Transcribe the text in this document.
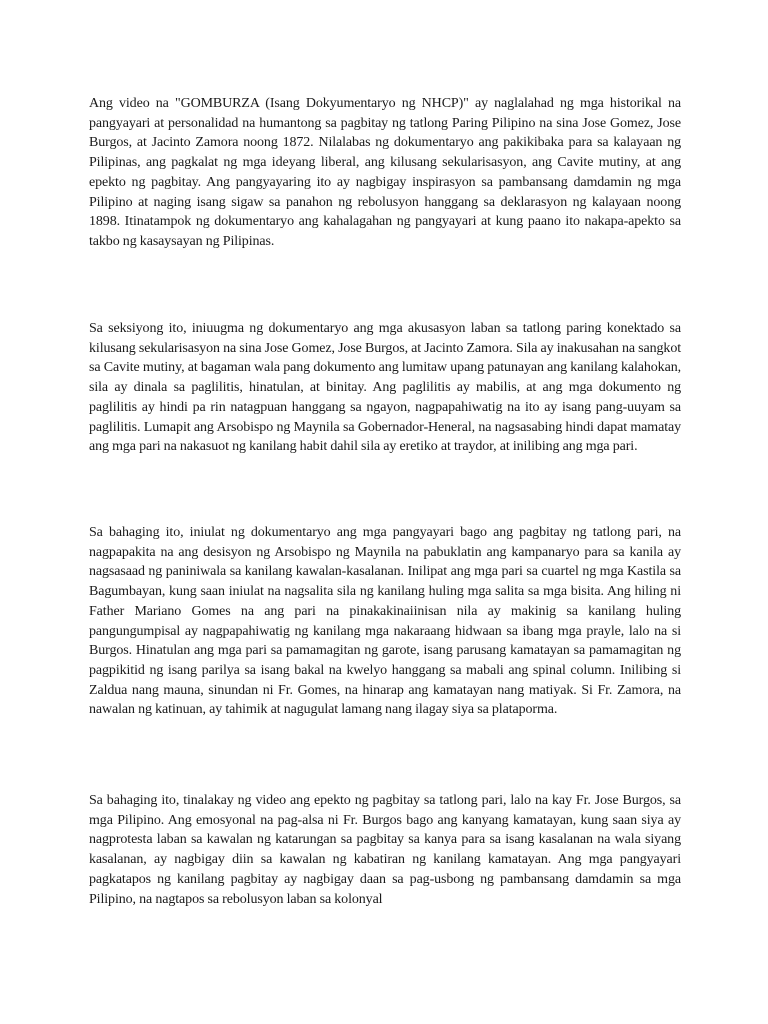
Ang video na "GOMBURZA (Isang Dokyumentaryo ng NHCP)" ay naglalahad ng mga historikal na pangyayari at personalidad na humantong sa pagbitay ng tatlong Paring Pilipino na sina Jose Gomez, Jose Burgos, at Jacinto Zamora noong 1872. Nilalabas ng dokumentaryo ang pakikibaka para sa kalayaan ng Pilipinas, ang pagkalat ng mga ideyang liberal, ang kilusang sekularisasyon, ang Cavite mutiny, at ang epekto ng pagbitay. Ang pangyayaring ito ay nagbigay inspirasyon sa pambansang damdamin ng mga Pilipino at naging isang sigaw sa panahon ng rebolusyon hanggang sa deklarasyon ng kalayaan noong 1898. Itinatampok ng dokumentaryo ang kahalagahan ng pangyayari at kung paano ito nakapa-apekto sa takbo ng kasaysayan ng Pilipinas.

Sa seksiyong ito, iniuugma ng dokumentaryo ang mga akusasyon laban sa tatlong paring konektado sa kilusang sekularisasyon na sina Jose Gomez, Jose Burgos, at Jacinto Zamora. Sila ay inakusahan na sangkot sa Cavite mutiny, at bagaman wala pang dokumento ang lumitaw upang patunayan ang kanilang kalahokan, sila ay dinala sa paglilitis, hinatulan, at binitay. Ang paglilitis ay mabilis, at ang mga dokumento ng paglilitis ay hindi pa rin natagpuan hanggang sa ngayon, nagpapahiwatig na ito ay isang pang-uuyam sa paglilitis. Lumapit ang Arsobispo ng Maynila sa Gobernador-Heneral, na nagsasabing hindi dapat mamatay ang mga pari na nakasuot ng kanilang habit dahil sila ay eretiko at traydor, at inilibing ang mga pari.

Sa bahaging ito, iniulat ng dokumentaryo ang mga pangyayari bago ang pagbitay ng tatlong pari, na nagpapakita na ang desisyon ng Arsobispo ng Maynila na pabuklatin ang kampanaryo para sa kanila ay nagsasaad ng paniniwala sa kanilang kawalan-kasalanan. Inilipat ang mga pari sa cuartel ng mga Kastila sa Bagumbayan, kung saan iniulat na nagsalita sila ng kanilang huling mga salita sa mga bisita. Ang hiling ni Father Mariano Gomes na ang pari na pinakakinaiinisan nila ay makinig sa kanilang huling pangungumpisal ay nagpapahiwatig ng kanilang mga nakaraang hidwaan sa ibang mga prayle, lalo na si Burgos. Hinatulan ang mga pari sa pamamagitan ng garote, isang parusang kamatayan sa pamamagitan ng pagpikitid ng isang parilya sa isang bakal na kwelyo hanggang sa mabali ang spinal column. Inilibing si Zaldua nang mauna, sinundan ni Fr. Gomes, na hinarap ang kamatayan nang matiyak. Si Fr. Zamora, na nawalan ng katinuan, ay tahimik at nagugulat lamang nang ilagay siya sa plataporma.

Sa bahaging ito, tinalakay ng video ang epekto ng pagbitay sa tatlong pari, lalo na kay Fr. Jose Burgos, sa mga Pilipino. Ang emosyonal na pag-alsa ni Fr. Burgos bago ang kanyang kamatayan, kung saan siya ay nagprotesta laban sa kawalan ng katarungan sa pagbitay sa kanya para sa isang kasalanan na wala siyang kasalanan, ay nagbigay diin sa kawalan ng kabatiran ng kanilang kamatayan. Ang mga pangyayari pagkatapos ng kanilang pagbitay ay nagbigay daan sa pag-usbong ng pambansang damdamin sa mga Pilipino, na nagtapos sa rebolusyon laban sa kolonyal
